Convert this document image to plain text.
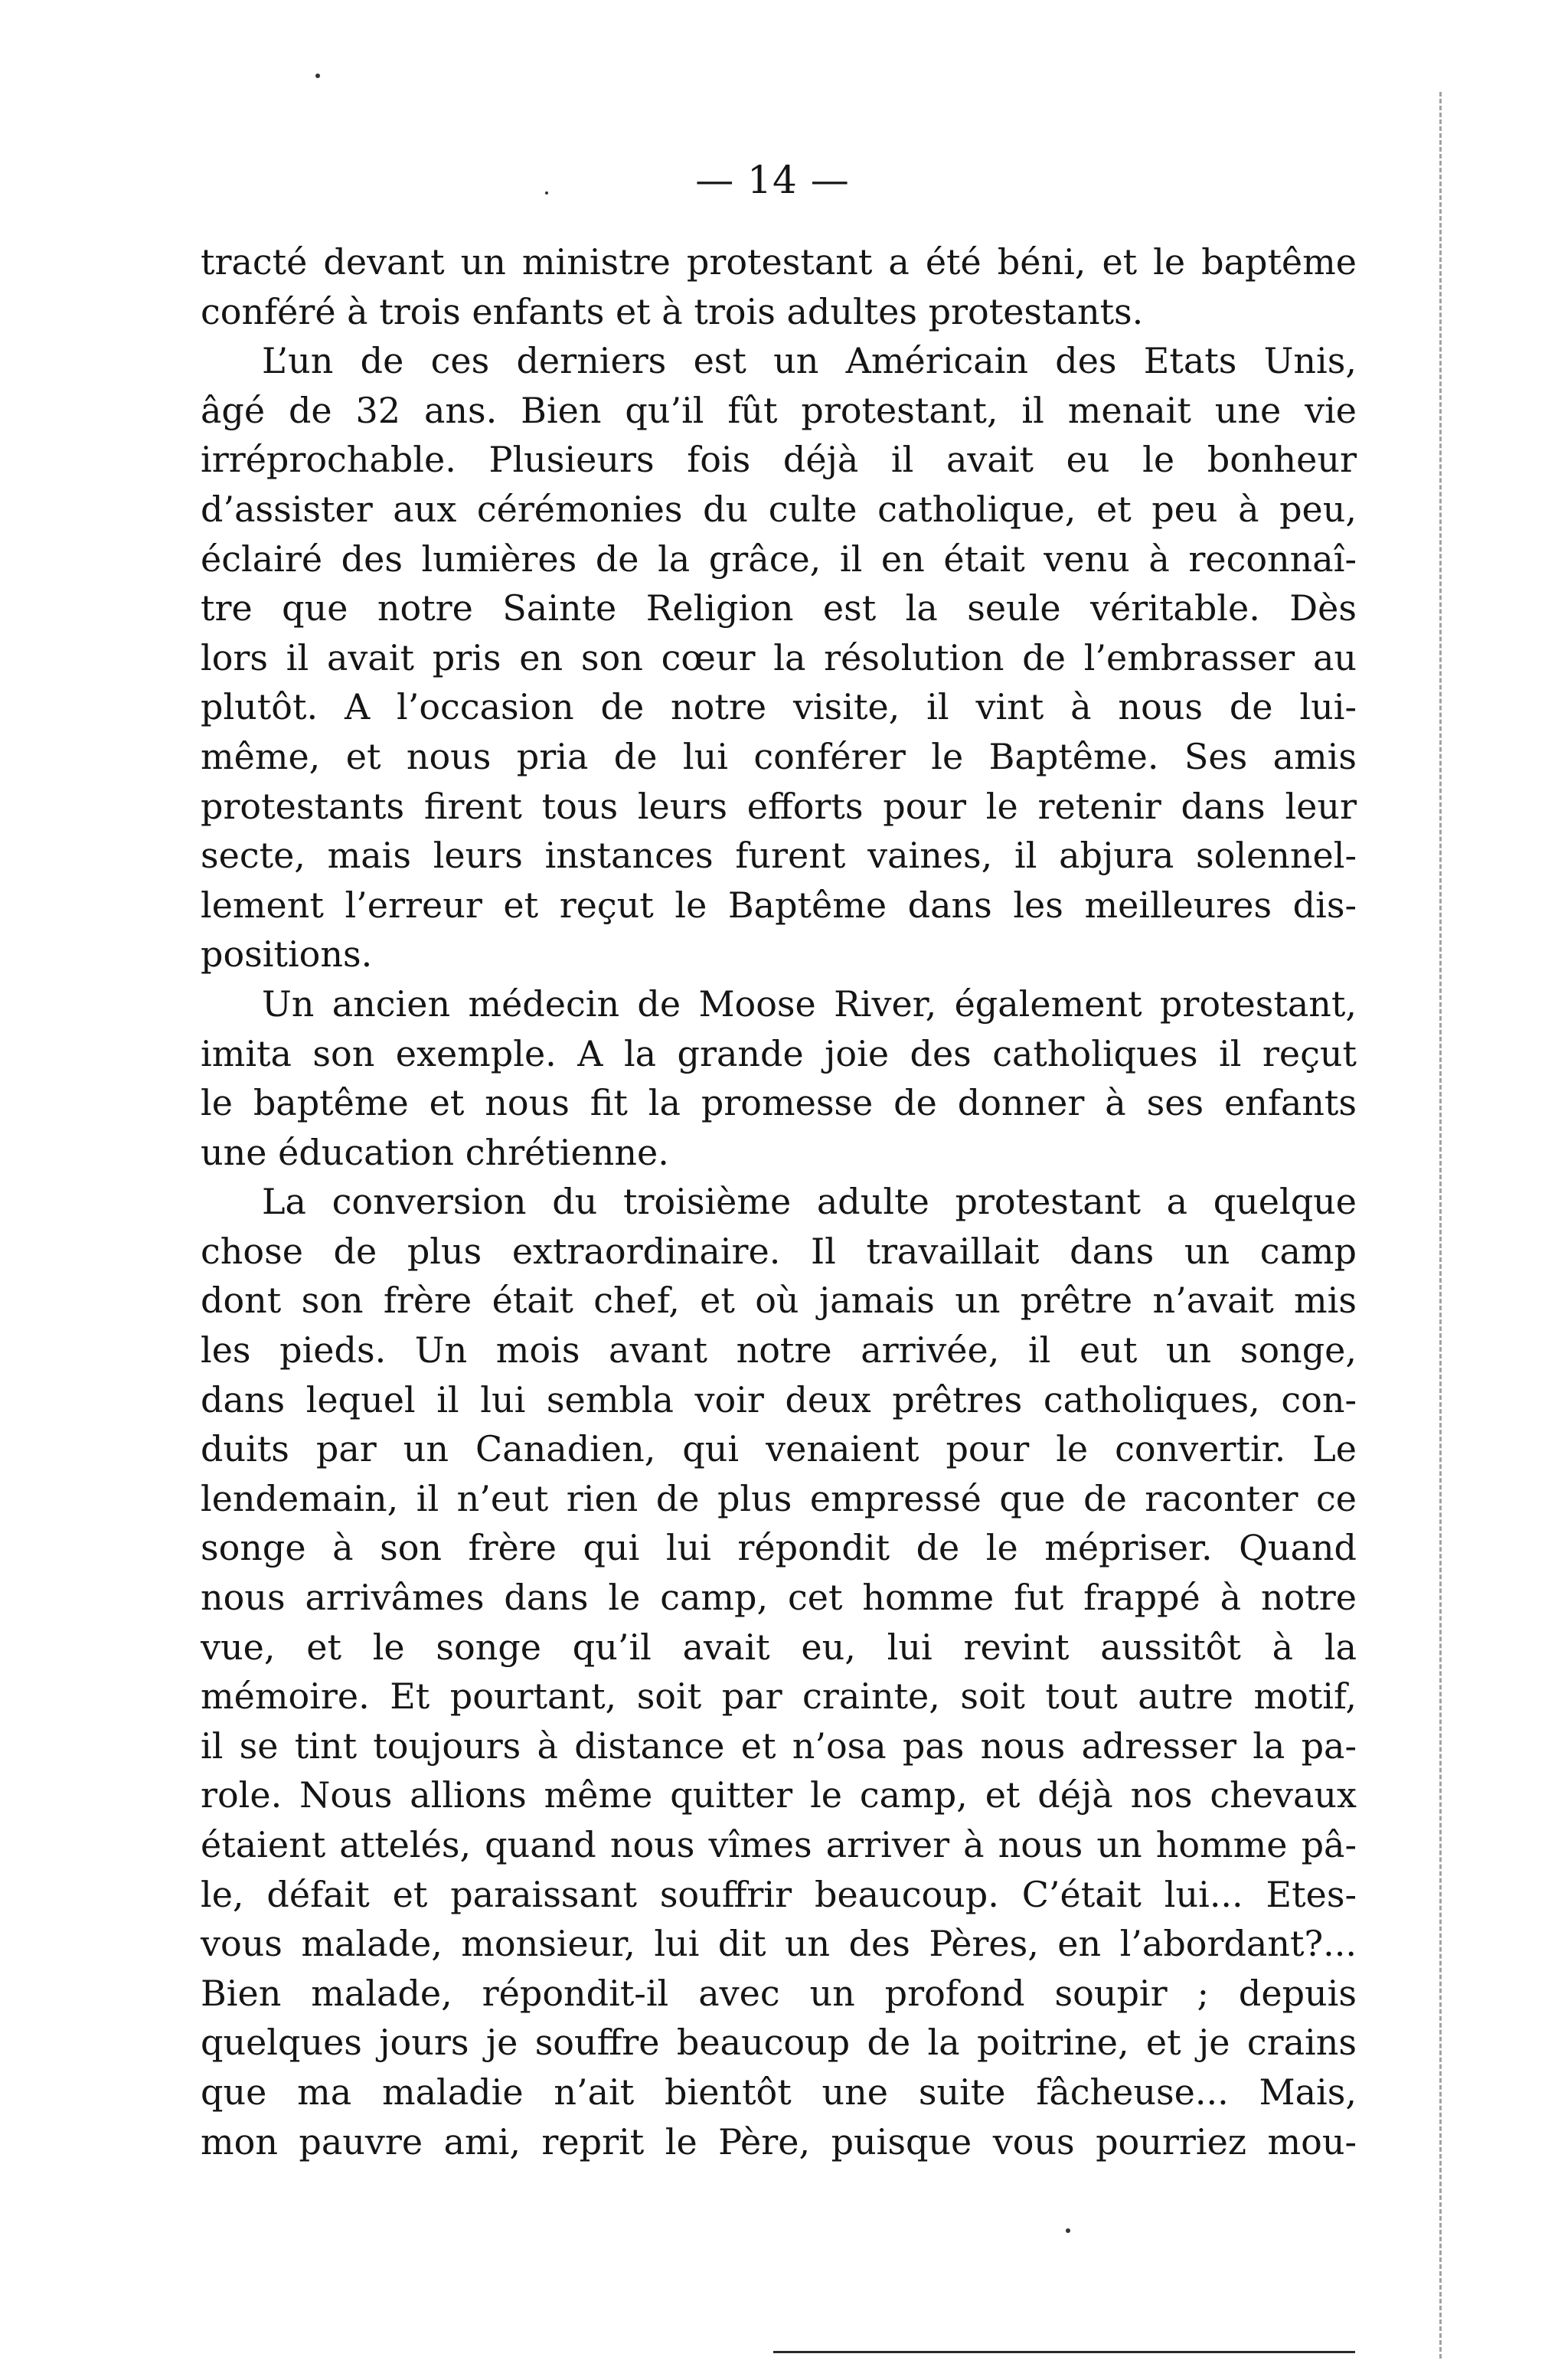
— 14 —
tracté devant un ministre protestant a été béni, et le baptême
conféré à trois enfants et à trois adultes protestants.
L’un de ces derniers est un Américain des Etats Unis,
âgé de 32 ans. Bien qu’il fût protestant, il menait une vie
irréprochable. Plusieurs fois déjà il avait eu le bonheur
d’assister aux cérémonies du culte catholique, et peu à peu,
éclairé des lumières de la grâce, il en était venu à reconnaî-
tre que notre Sainte Religion est la seule véritable. Dès
lors il avait pris en son cœur la résolution de l’embrasser au
plutôt. A l’occasion de notre visite, il vint à nous de lui-
même, et nous pria de lui conférer le Baptême. Ses amis
protestants firent tous leurs efforts pour le retenir dans leur
secte, mais leurs instances furent vaines, il abjura solennel-
lement l’erreur et reçut le Baptême dans les meilleures dis-
positions.
Un ancien médecin de Moose River, également protestant,
imita son exemple. A la grande joie des catholiques il reçut
le baptême et nous fit la promesse de donner à ses enfants
une éducation chrétienne.
La conversion du troisième adulte protestant a quelque
chose de plus extraordinaire. Il travaillait dans un camp
dont son frère était chef, et où jamais un prêtre n’avait mis
les pieds. Un mois avant notre arrivée, il eut un songe,
dans lequel il lui sembla voir deux prêtres catholiques, con-
duits par un Canadien, qui venaient pour le convertir. Le
lendemain, il n’eut rien de plus empressé que de raconter ce
songe à son frère qui lui répondit de le mépriser. Quand
nous arrivâmes dans le camp, cet homme fut frappé à notre
vue, et le songe qu’il avait eu, lui revint aussitôt à la
mémoire. Et pourtant, soit par crainte, soit tout autre motif,
il se tint toujours à distance et n’osa pas nous adresser la pa-
role. Nous allions même quitter le camp, et déjà nos chevaux
étaient attelés, quand nous vîmes arriver à nous un homme pâ-
le, défait et paraissant souffrir beaucoup. C’était lui... Etes-
vous malade, monsieur, lui dit un des Pères, en l’abordant?...
Bien malade, répondit-il avec un profond soupir ; depuis
quelques jours je souffre beaucoup de la poitrine, et je crains
que ma maladie n’ait bientôt une suite fâcheuse... Mais,
mon pauvre ami, reprit le Père, puisque vous pourriez mou-
